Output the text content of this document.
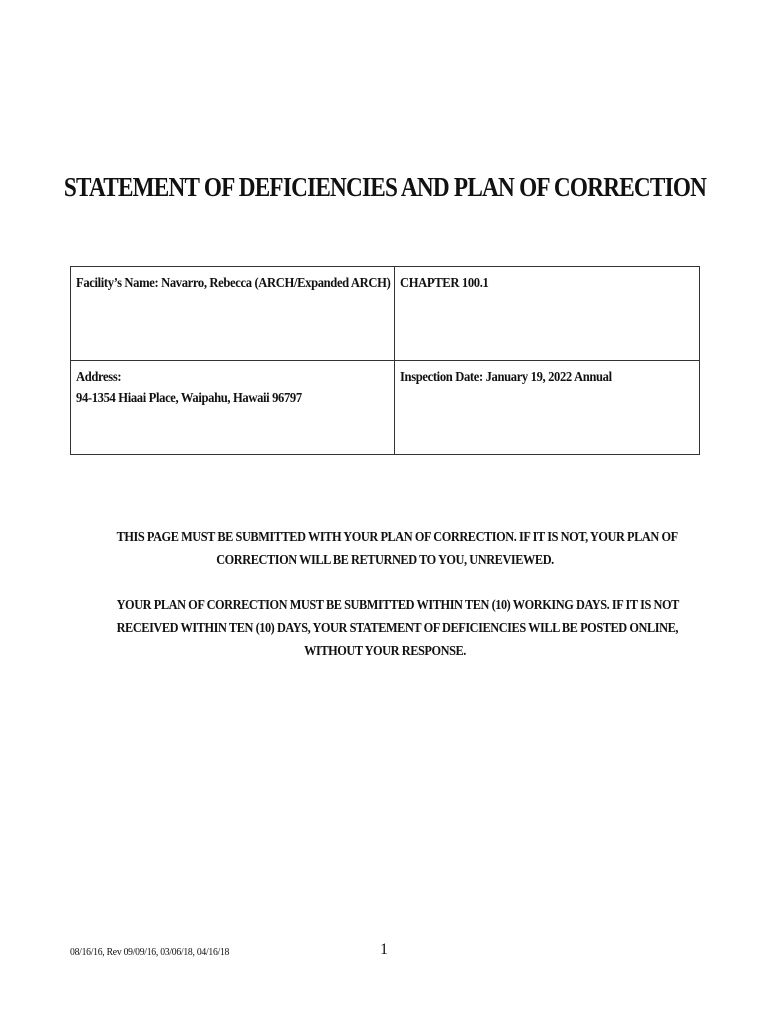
STATEMENT OF DEFICIENCIES AND PLAN OF CORRECTION
Facility’s Name: Navarro, Rebecca (ARCH/Expanded ARCH)	CHAPTER 100.1

Address:
94-1354 Hiaai Place, Waipahu, Hawaii 96797	Inspection Date: January 19, 2022 Annual
THIS PAGE MUST BE SUBMITTED WITH YOUR PLAN OF CORRECTION. IF IT IS NOT, YOUR PLAN OF
CORRECTION WILL BE RETURNED TO YOU, UNREVIEWED.
YOUR PLAN OF CORRECTION MUST BE SUBMITTED WITHIN TEN (10) WORKING DAYS. IF IT IS NOT
RECEIVED WITHIN TEN (10) DAYS, YOUR STATEMENT OF DEFICIENCIES WILL BE POSTED ONLINE,
WITHOUT YOUR RESPONSE.
08/16/16, Rev 09/09/16, 03/06/18, 04/16/18	1
